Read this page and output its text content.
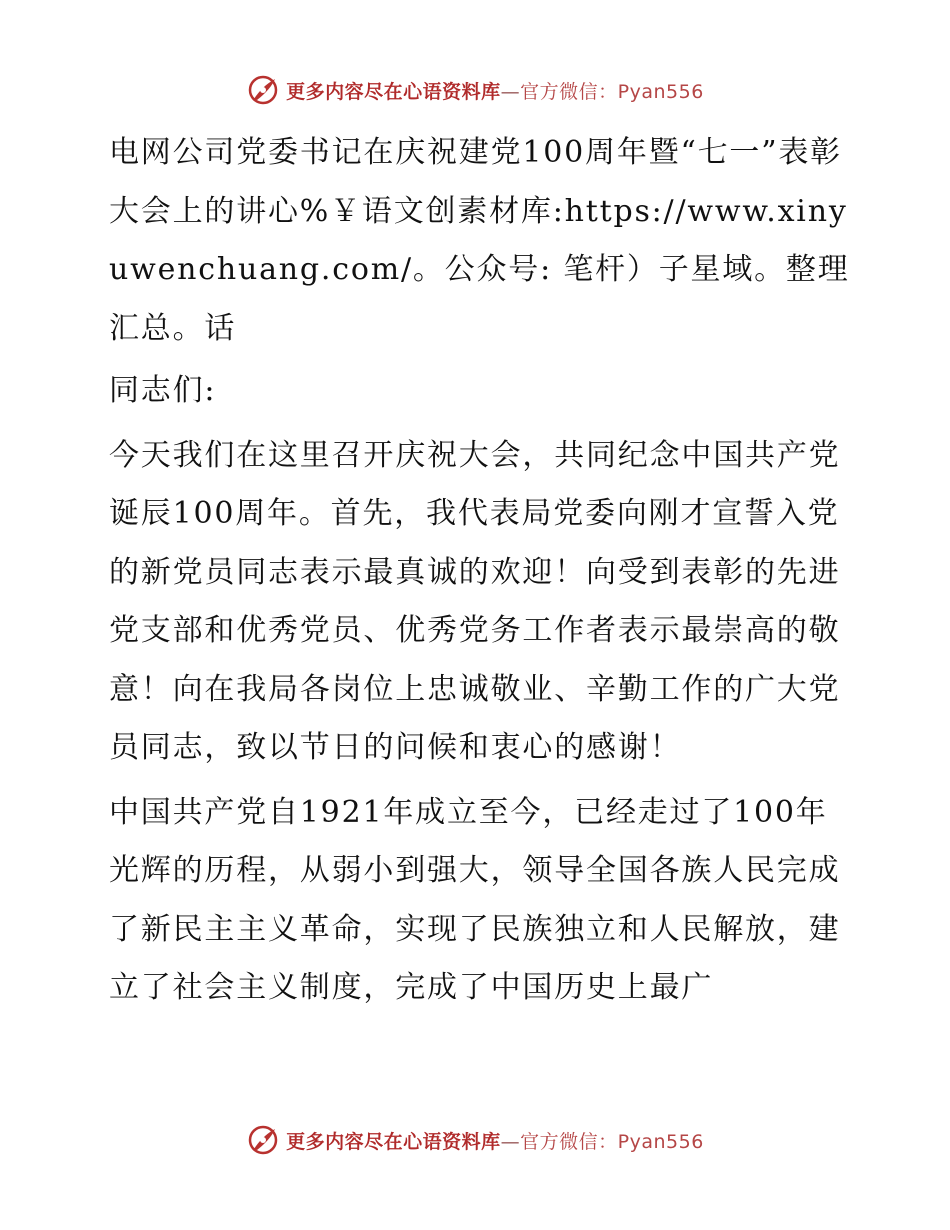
更多内容尽在心语资料库—官方微信：Pyan556

电网公司党委书记在庆祝建党100周年暨“七一”表彰大会上的讲心%￥语文创素材库:https://www.xinyuwenchuang.com/。公众号: 笔杆）子星域。整理汇总。话

同志们:

今天我们在这里召开庆祝大会，共同纪念中国共产党诞辰100周年。首先，我代表局党委向刚才宣誓入党的新党员同志表示最真诚的欢迎！向受到表彰的先进党支部和优秀党员、优秀党务工作者表示最崇高的敬意！向在我局各岗位上忠诚敬业、辛勤工作的广大党员同志，致以节日的问候和衷心的感谢！

中国共产党自1921年成立至今，已经走过了100年光辉的历程，从弱小到强大，领导全国各族人民完成了新民主主义革命，实现了民族独立和人民解放，建立了社会主义制度，完成了中国历史上最广

更多内容尽在心语资料库—官方微信：Pyan556
